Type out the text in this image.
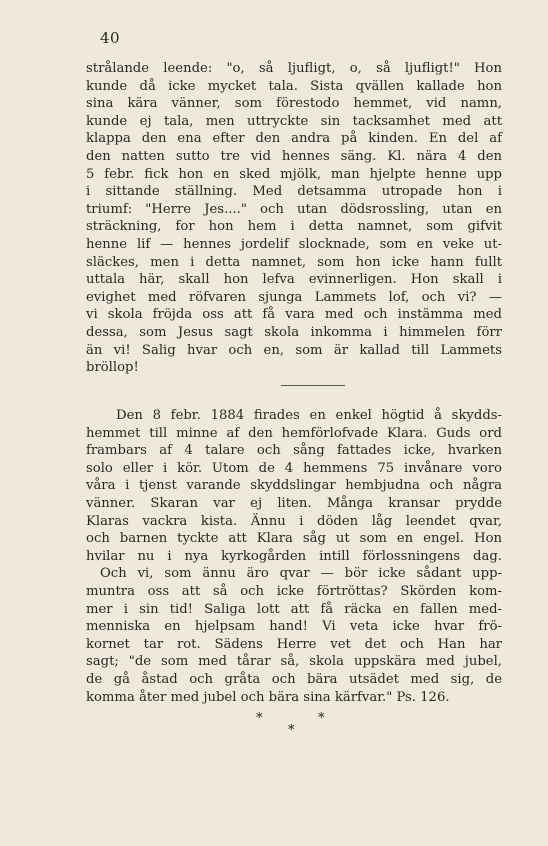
40
strålande leende: "o, så ljufligt, o, så ljufligt!" Hon
kunde då icke mycket tala. Sista qvällen kallade hon
sina kära vänner, som förestodo hemmet, vid namn,
kunde ej tala, men uttryckte sin tacksamhet med att
klappa den ena efter den andra på kinden. En del af
den natten sutto tre vid hennes säng. Kl. nära 4 den
5 febr. fick hon en sked mjölk, man hjelpte henne upp
i sittande ställning. Med detsamma utropade hon i
triumf: "Herre Jes...." och utan dödsrossling, utan en
sträckning, for hon hem i detta namnet, som gifvit
henne lif — hennes jordelif slocknade, som en veke ut-
släckes, men i detta namnet, som hon icke hann fullt
uttala här, skall hon lefva evinnerligen. Hon skall i
evighet med röfvaren sjunga Lammets lof, och vi? —
vi skola fröjda oss att få vara med och instämma med
dessa, som Jesus sagt skola inkomma i himmelen förr
än vi! Salig hvar och en, som är kallad till Lammets
bröllop!
Den 8 febr. 1884 firades en enkel högtid å skydds-
hemmet till minne af den hemförlofvade Klara. Guds ord
frambars af 4 talare och sång fattades icke, hvarken
solo eller i kör. Utom de 4 hemmens 75 invånare voro
våra i tjenst varande skyddslingar hembjudna och några
vänner. Skaran var ej liten. Många kransar prydde
Klaras vackra kista. Ännu i döden låg leendet qvar,
och barnen tyckte att Klara såg ut som en engel. Hon
hvilar nu i nya kyrkogården intill förlossningens dag.
Och vi, som ännu äro qvar — bör icke sådant upp-
muntra oss att så och icke förtröttas? Skörden kom-
mer i sin tid! Saliga lott att få räcka en fallen med-
menniska en hjelpsam hand! Vi veta icke hvar frö-
kornet tar rot. Sädens Herre vet det och Han har
sagt; "de som med tårar så, skola uppskära med jubel,
de gå åstad och gråta och bära utsädet med sig, de
komma åter med jubel och bära sina kärfvar." Ps. 126.
*	*
*
